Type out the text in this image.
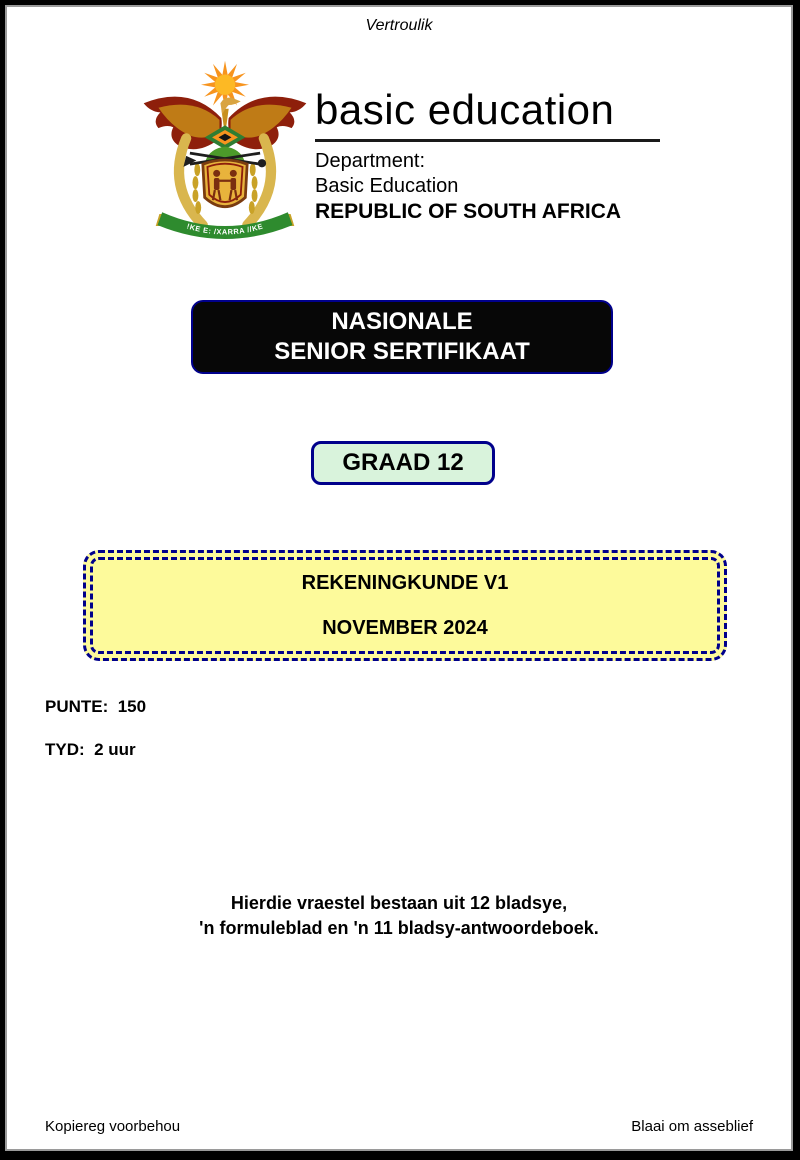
Vertroulik
!KE E: /XARRA //KE
basic education
Department:
Basic Education
REPUBLIC OF SOUTH AFRICA
NASIONALE
SENIOR SERTIFIKAAT
GRAAD 12
REKENINGKUNDE V1
NOVEMBER 2024
PUNTE:  150
TYD:  2 uur
Hierdie vraestel bestaan uit 12 bladsye,
'n formuleblad en 'n 11 bladsy-antwoordeboek.
Kopiereg voorbehou	Blaai om asseblief
